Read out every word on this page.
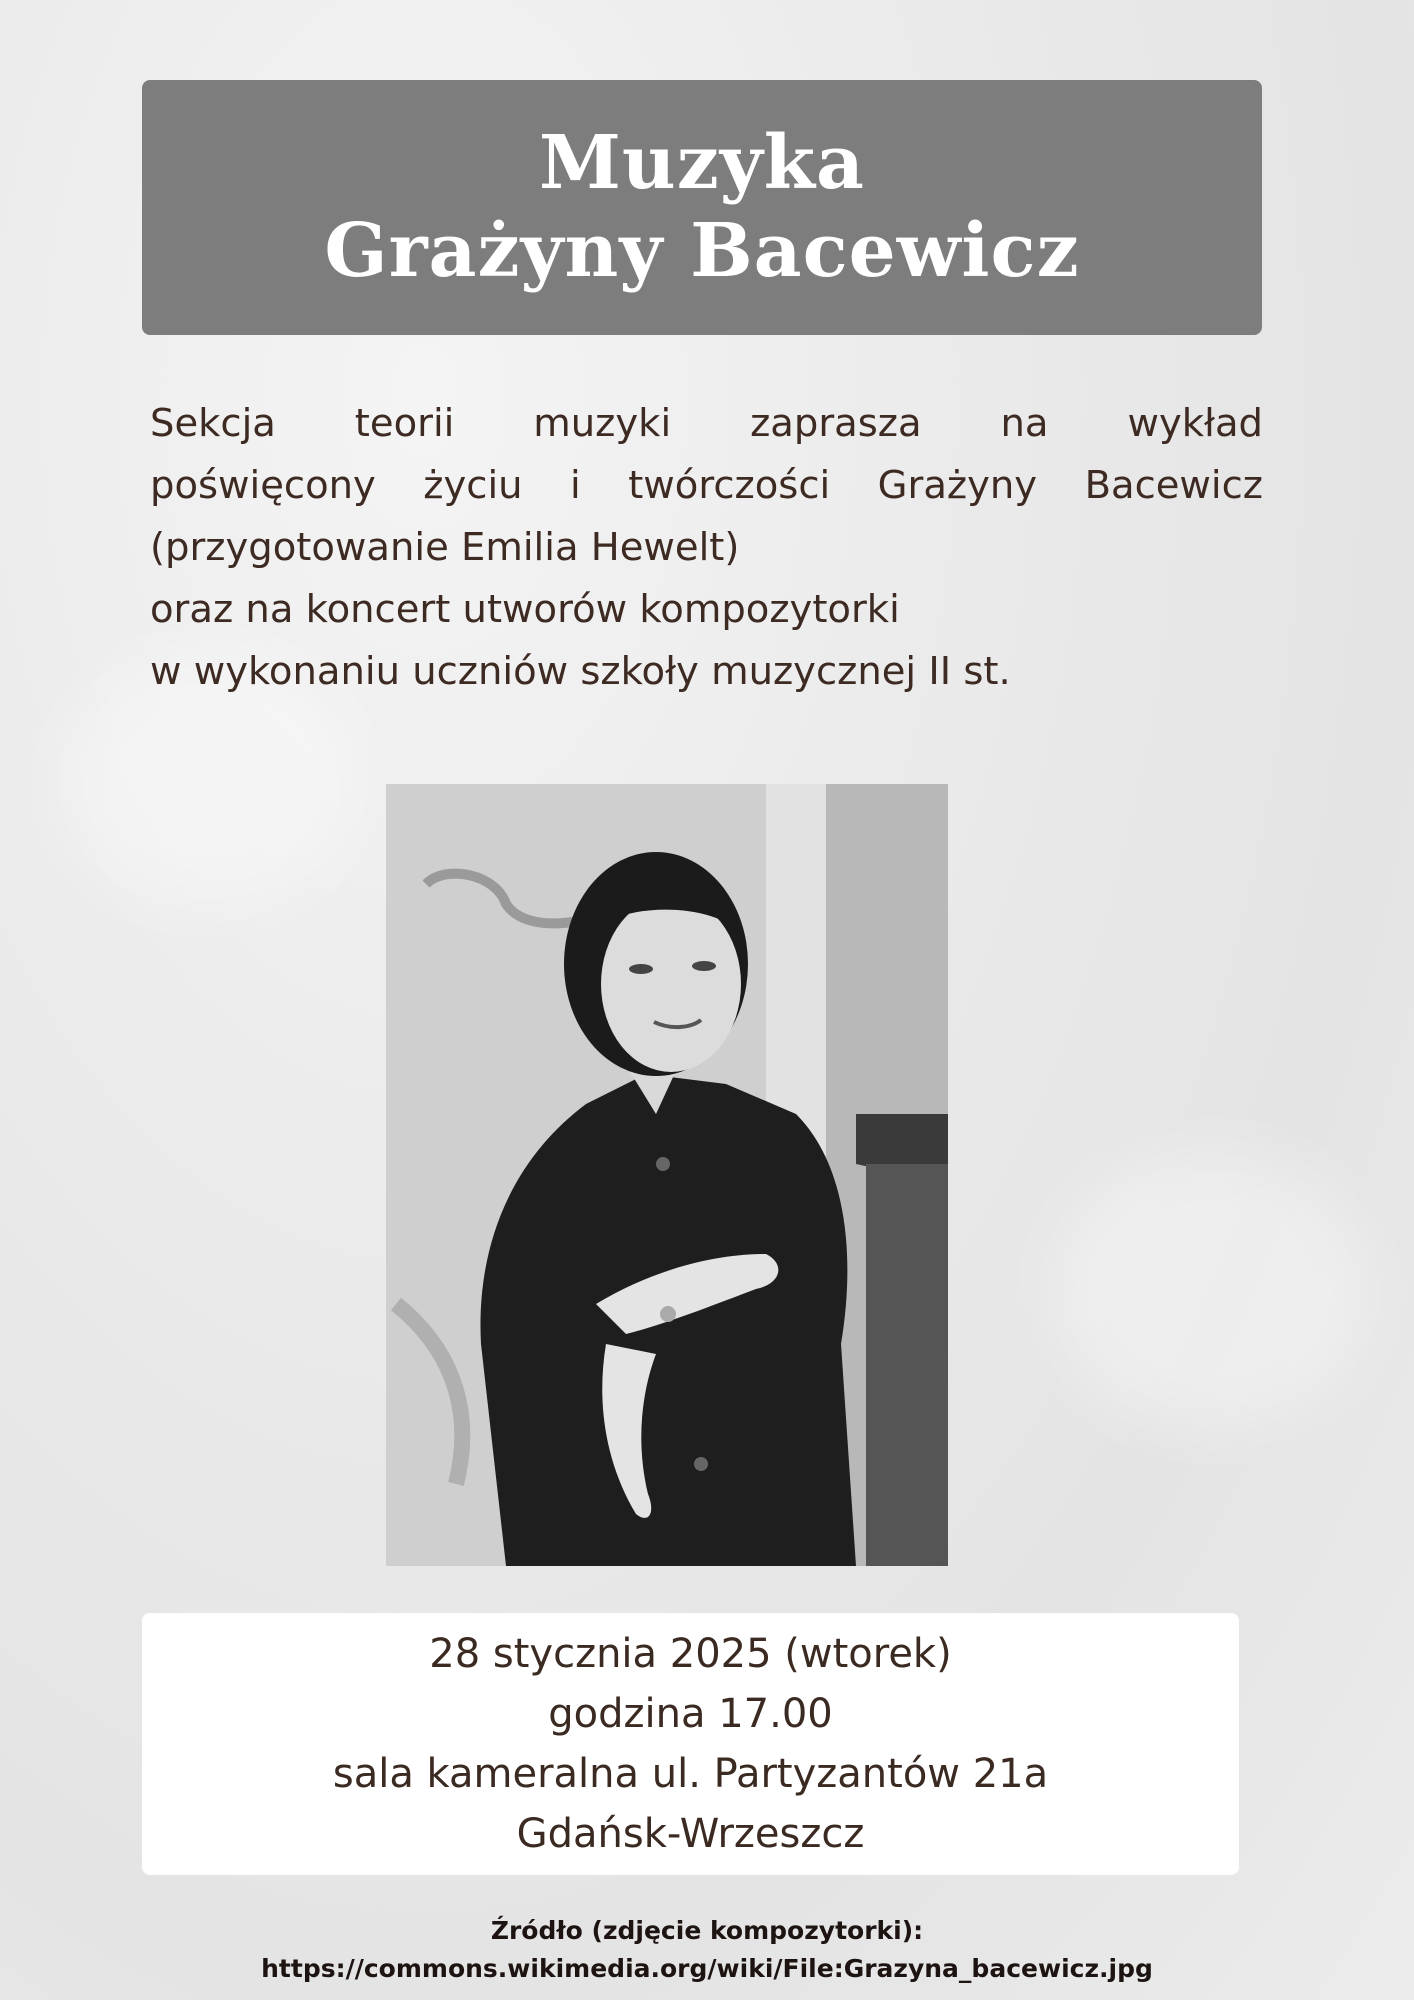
Muzyka
Grażyny Bacewicz
Sekcja teorii muzyki zaprasza na wykład
poświęcony życiu i twórczości Grażyny Bacewicz
(przygotowanie Emilia Hewelt)
oraz na koncert utworów kompozytorki
w wykonaniu uczniów szkoły muzycznej II st.
28 stycznia 2025 (wtorek)
godzina 17.00
sala kameralna ul. Partyzantów 21a
Gdańsk-Wrzeszcz
Źródło (zdjęcie kompozytorki):
https://commons.wikimedia.org/wiki/File:Grazyna_bacewicz.jpg
